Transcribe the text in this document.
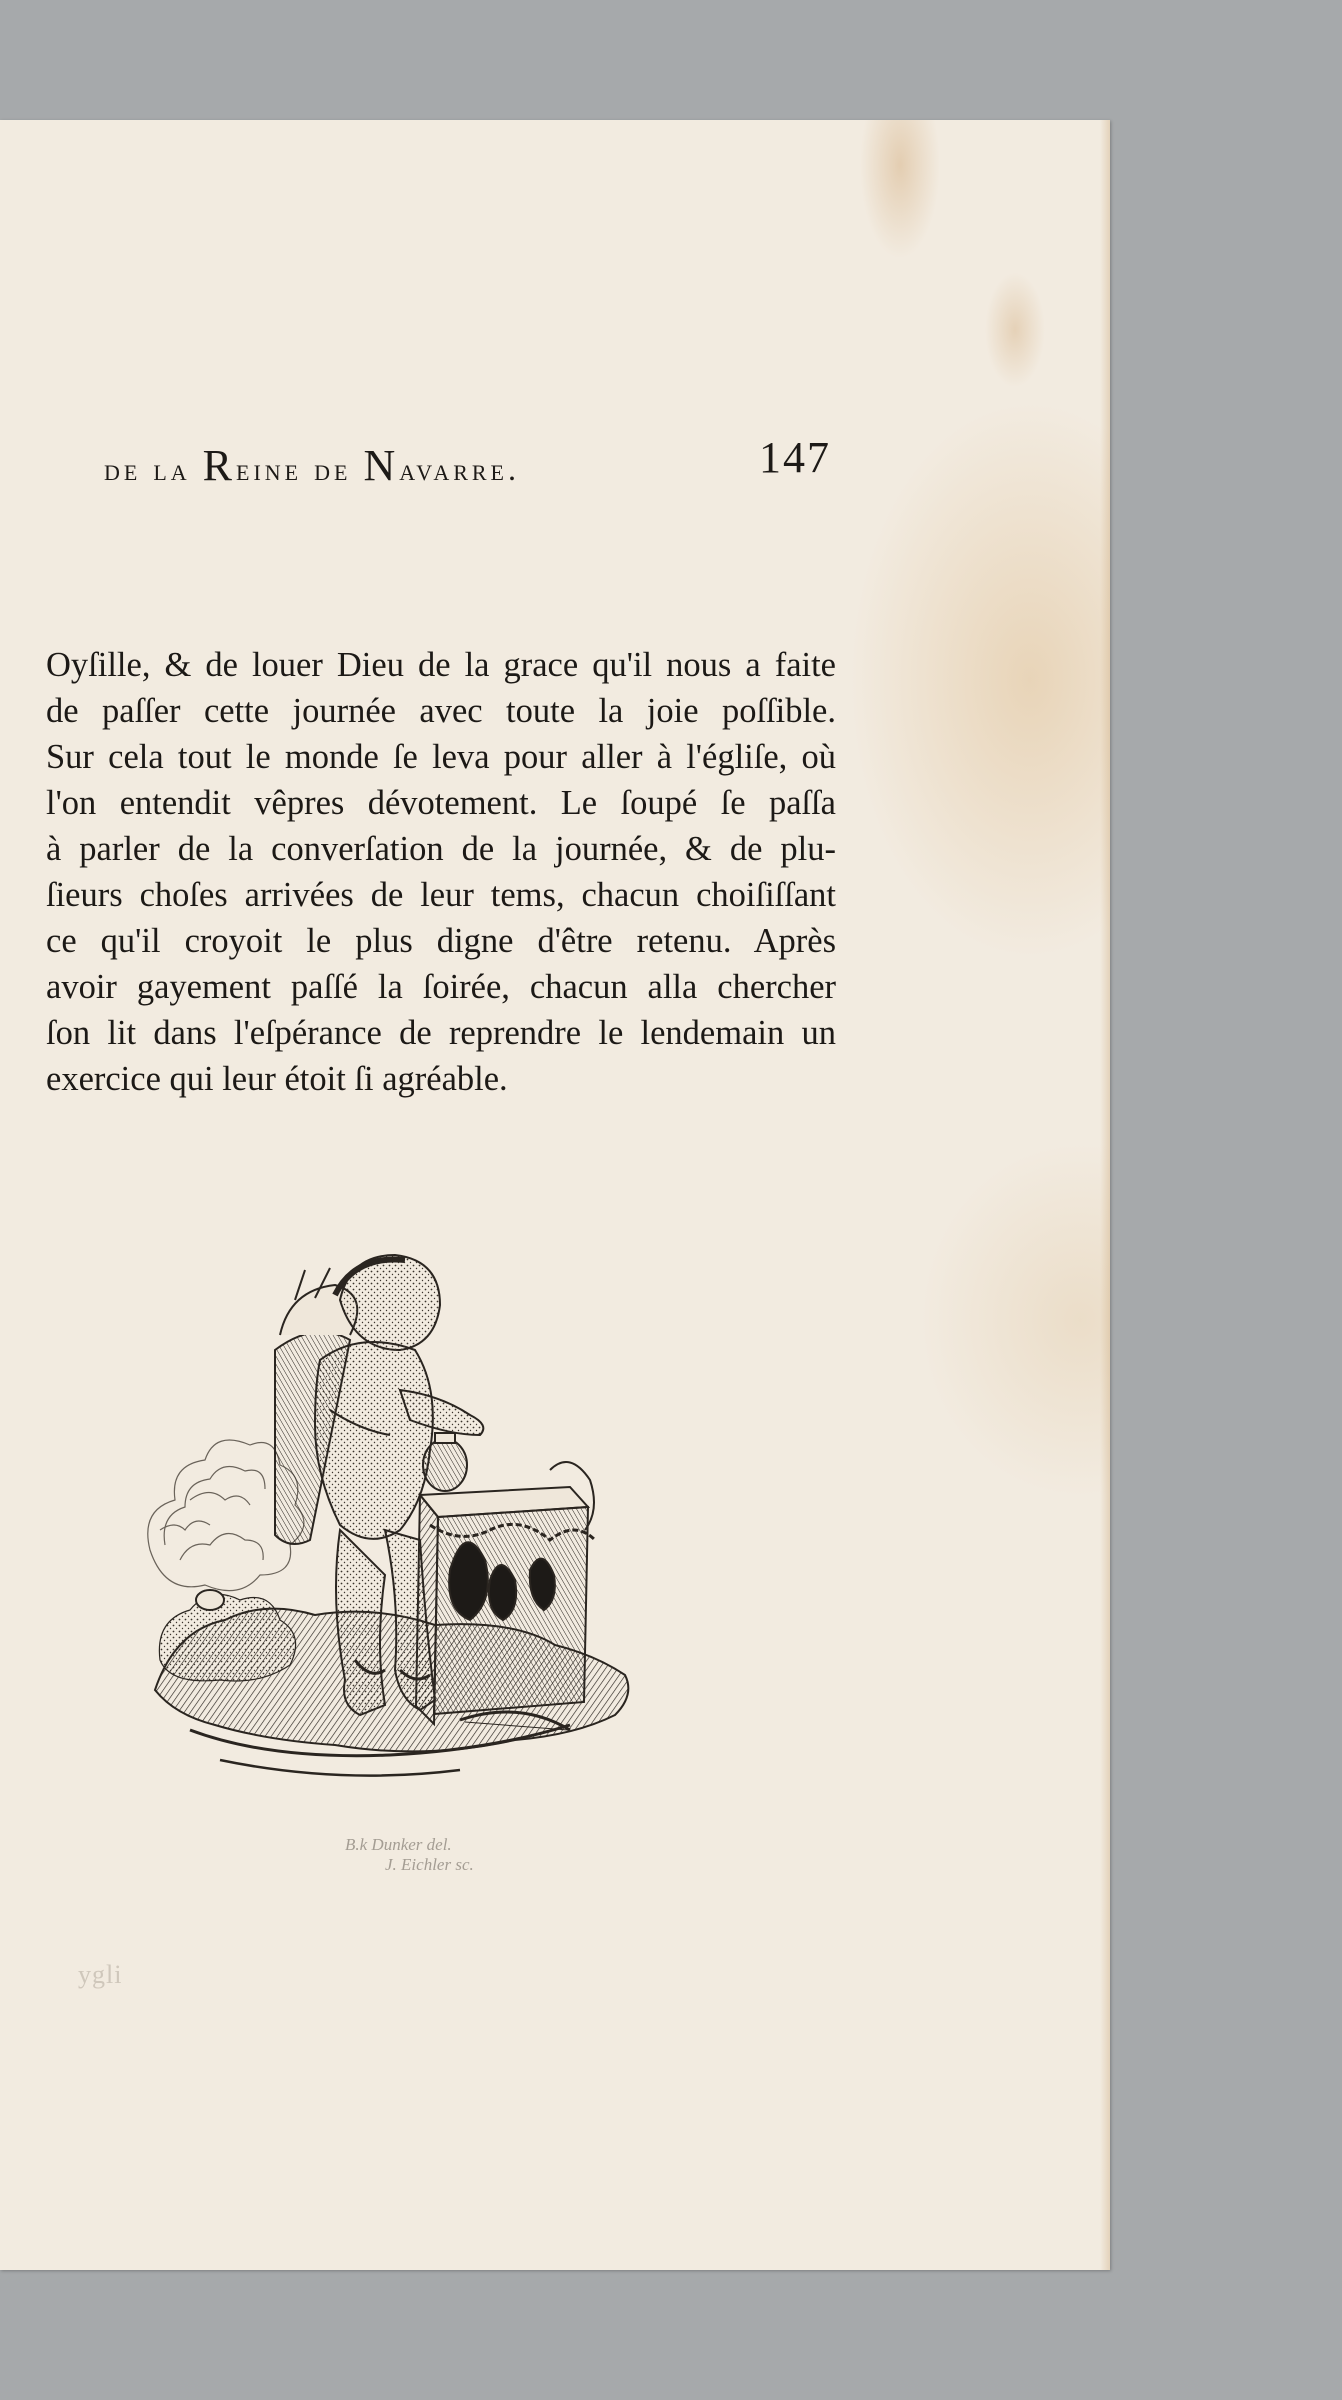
de la Reine de Navarre.	147
Oyſille, & de louer Dieu de la grace qu'il nous a faite
de paſſer cette journée avec toute la joie poſſible.
Sur cela tout le monde ſe leva pour aller à l'égliſe, où
l'on entendit vêpres dévotement. Le ſoupé ſe paſſa
à parler de la converſation de la journée, & de plu-
ſieurs choſes arrivées de leur tems, chacun choiſiſſant
ce qu'il croyoit le plus digne d'être retenu. Après
avoir gayement paſſé la ſoirée, chacun alla chercher
ſon lit dans l'eſpérance de reprendre le lendemain un
exercice qui leur étoit ſi agréable.
B.k Dunker del.
J. Eichler sc.
ygli
